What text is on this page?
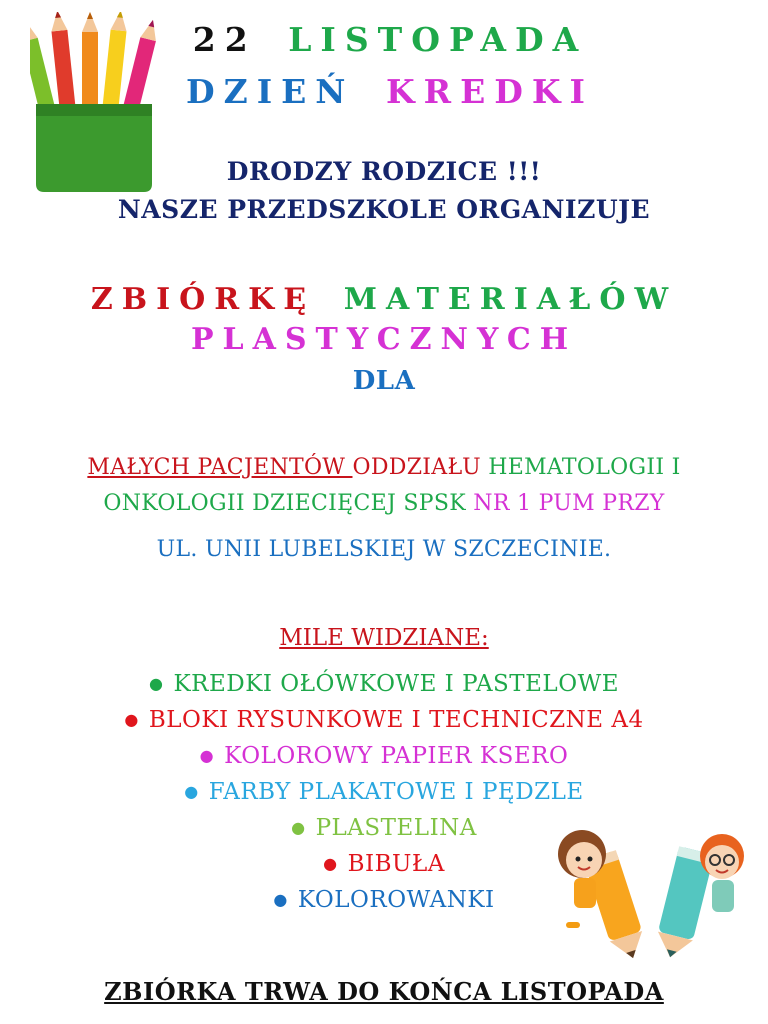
22 LISTOPADA
DZIEŃ KREDKI
DRODZY RODZICE !!!
NASZE PRZEDSZKOLE ORGANIZUJE
ZBIÓRKĘ MATERIAŁÓW
PLASTYCZNYCH
DLA
MAŁYCH PACJENTÓW ODDZIAŁU HEMATOLOGII I
ONKOLOGII DZIECIĘCEJ SPSK NR 1 PUM PRZY
UL. UNII LUBELSKIEJ W SZCZECINIE.
MILE WIDZIANE:
● KREDKI OŁÓWKOWE I PASTELOWE
● BLOKI RYSUNKOWE I TECHNICZNE A4
● KOLOROWY PAPIER KSERO
● FARBY PLAKATOWE I PĘDZLE
● PLASTELINA
● BIBUŁA
● KOLOROWANKI
ZBIÓRKA TRWA DO KOŃCA LISTOPADA
